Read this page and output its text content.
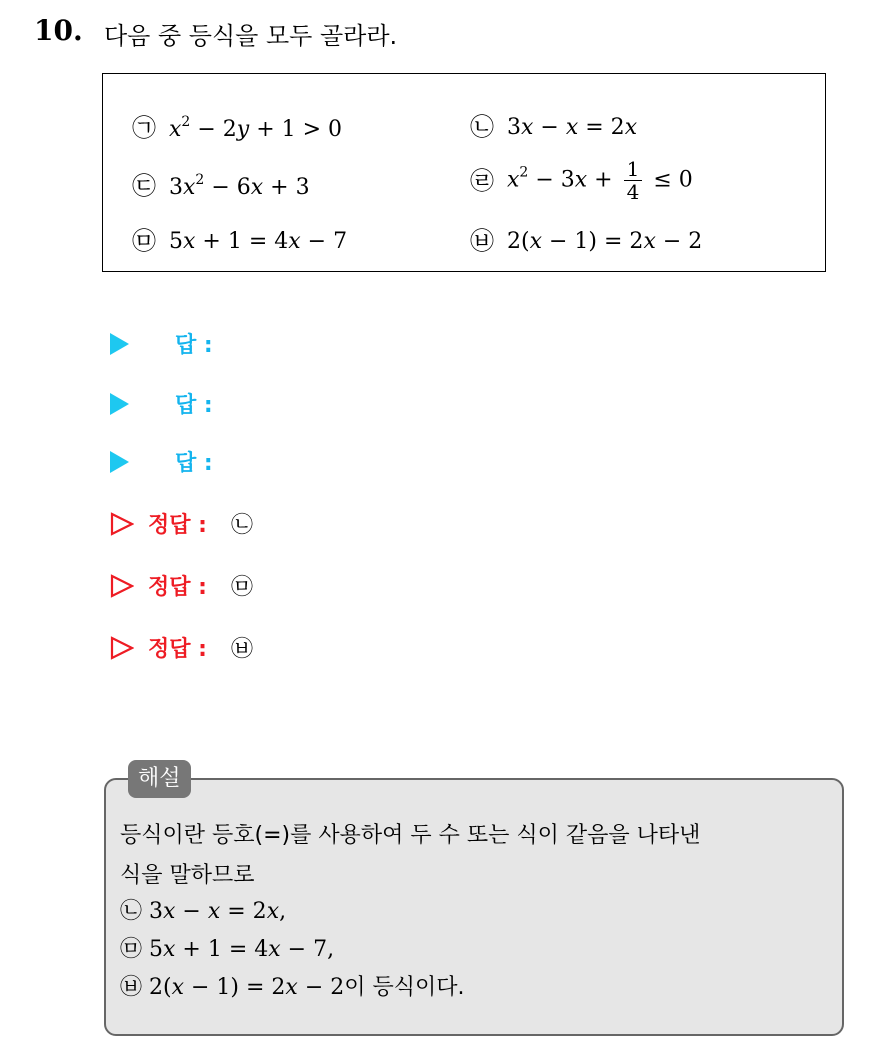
10. 다음 중 등식을 모두 골라라.
㉠ $x^2 - 2y + 1 > 0$	㉡ 3x − x = 2x
㉢ $3x^2 - 6x + 3$	㉣ $x^2 - 3x + \frac{1}{4} \le 0$
㉤ 5x + 1 = 4x − 7	㉥ 2(x − 1) = 2x − 2
답 :
답 :
답 :
정답 : ㉡
정답 : ㉤
정답 : ㉥
해설
등식이란 등호(=)를 사용하여 두 수 또는 식이 같음을 나타낸
식을 말하므로
㉡ 3x − x = 2x,
㉤ 5x + 1 = 4x − 7,
㉥ 2(x − 1) = 2x − 2이 등식이다.
